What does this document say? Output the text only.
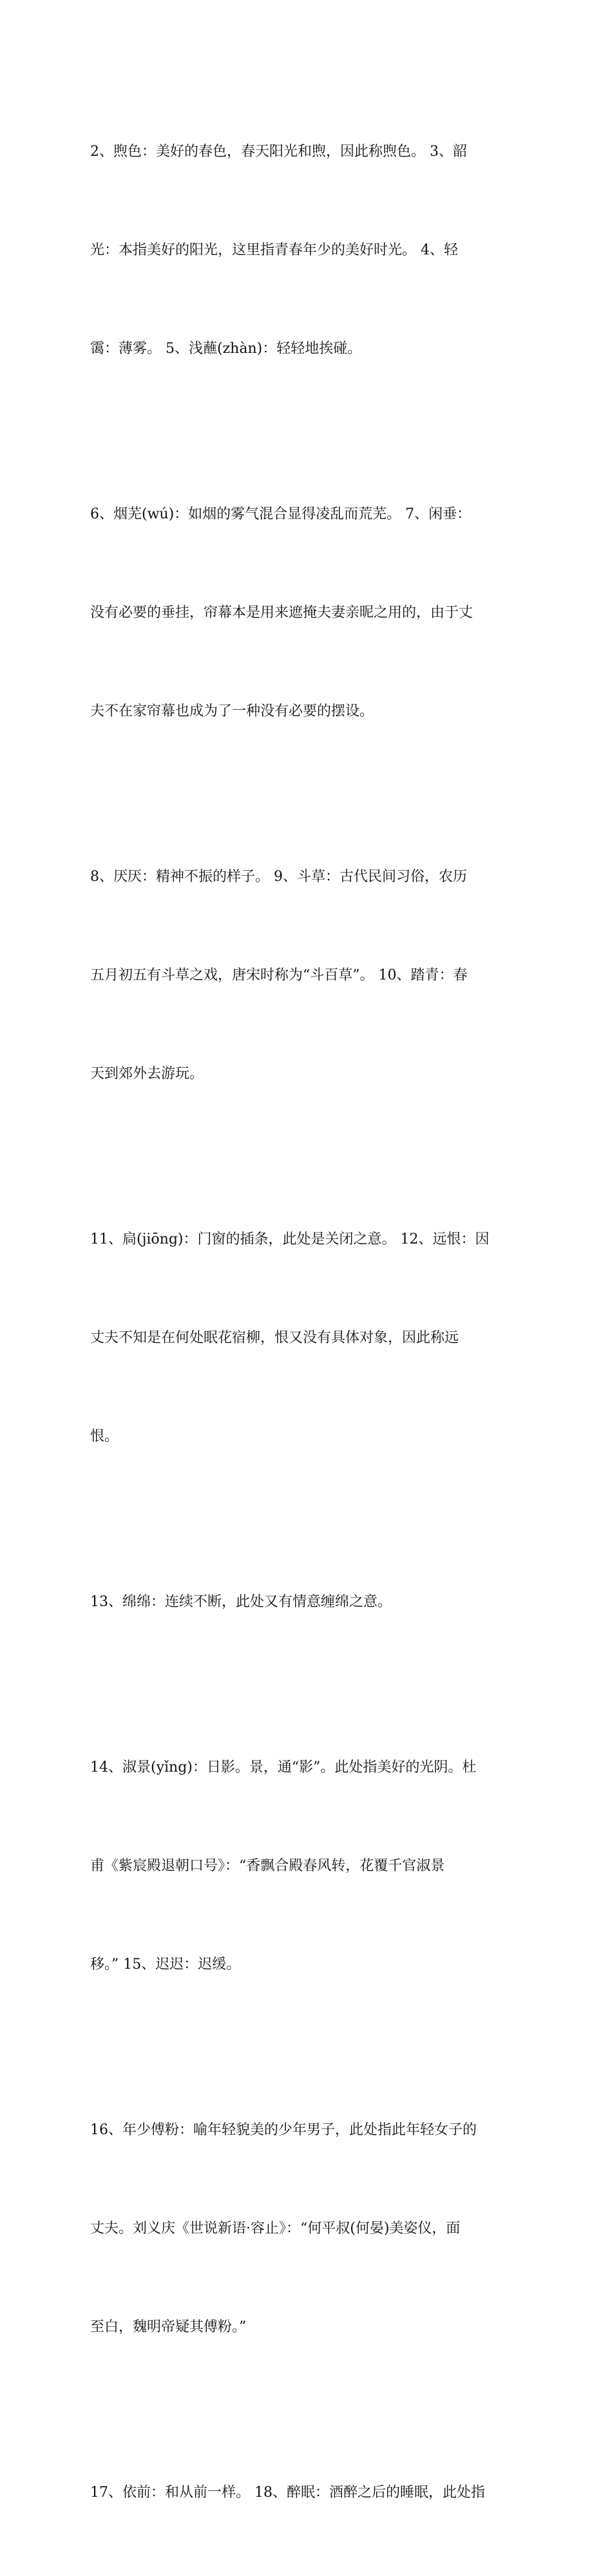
2、煦色：美好的春色，春天阳光和煦，因此称煦色。 3、韶

光：本指美好的阳光，这里指青春年少的美好时光。 4、轻

霭：薄雾。 5、浅蘸(zhàn)：轻轻地挨碰。

6、烟芜(wú)：如烟的雾气混合显得凌乱而荒芜。 7、闲垂：

没有必要的垂挂，帘幕本是用来遮掩夫妻亲昵之用的，由于丈

夫不在家帘幕也成为了一种没有必要的摆设。

8、厌厌：精神不振的样子。 9、斗草：古代民间习俗，农历

五月初五有斗草之戏，唐宋时称为“斗百草”。 10、踏青：春

天到郊外去游玩。

11、扃(jiōng)：门窗的插条，此处是关闭之意。 12、远恨：因

丈夫不知是在何处眠花宿柳，恨又没有具体对象，因此称远

恨。

13、绵绵：连续不断，此处又有情意缠绵之意。

14、淑景(yǐng)：日影。景，通“影”。此处指美好的光阴。杜

甫《紫宸殿退朝口号》：“香飘合殿春风转，花覆千官淑景

移。” 15、迟迟：迟缓。

16、年少傅粉：喻年轻貌美的少年男子，此处指此年轻女子的

丈夫。刘义庆《世说新语·容止》：“何平叔(何晏)美姿仪，面

至白，魏明帝疑其傅粉。”

17、依前：和从前一样。 18、醉眠：酒醉之后的睡眠，此处指
